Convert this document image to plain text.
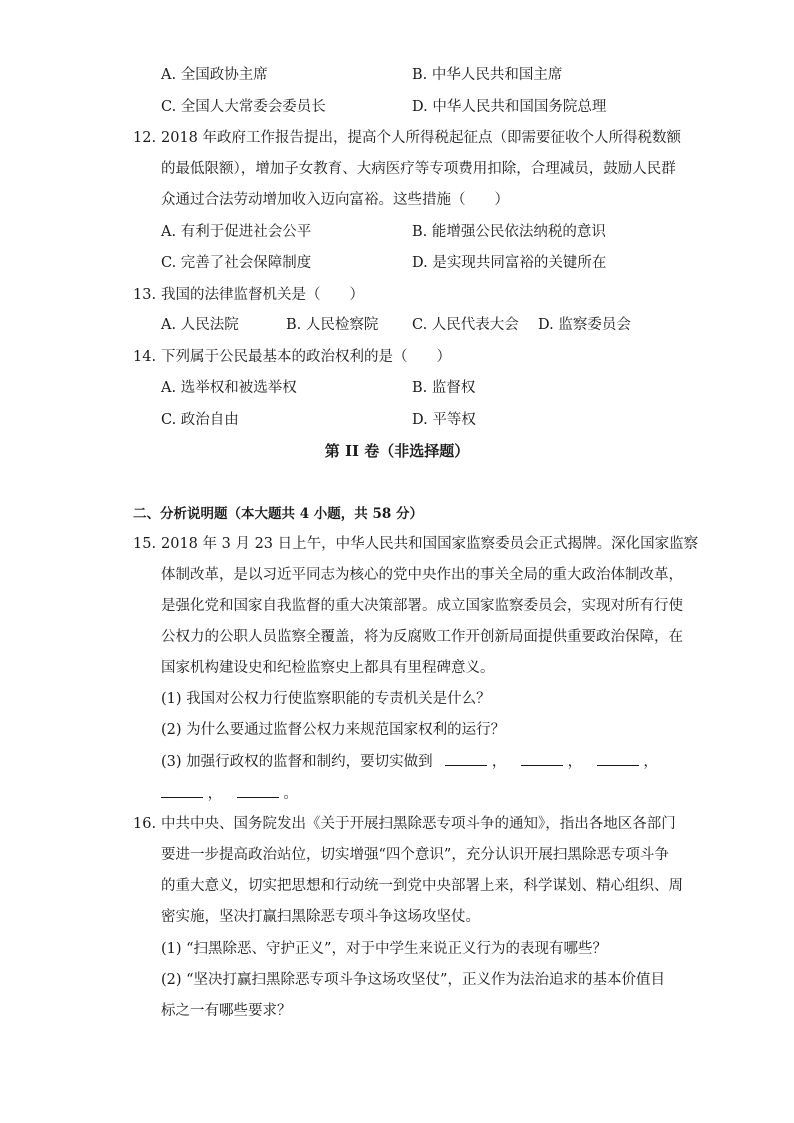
A. 全国政协主席	B. 中华人民共和国主席
C. 全国人大常委会委员长	D. 中华人民共和国国务院总理
12. 2018 年政府工作报告提出，提高个人所得税起征点（即需要征收个人所得税数额
的最低限额），增加子女教育、大病医疗等专项费用扣除，合理减员，鼓励人民群
众通过合法劳动增加收入迈向富裕。这些措施（　　）
A. 有利于促进社会公平	B. 能增强公民依法纳税的意识
C. 完善了社会保障制度	D. 是实现共同富裕的关键所在
13. 我国的法律监督机关是（　　）
A. 人民法院	B. 人民检察院 C. 人民代表大会 D. 监察委员会
14. 下列属于公民最基本的政治权利的是（　　）
A. 选举权和被选举权	B. 监督权
C. 政治自由	D. 平等权
第 II 卷（非选择题）
二、分析说明题（本大题共 4 小题，共 58 分）
15. 2018 年 3 月 23 日上午，中华人民共和国国家监察委员会正式揭牌。深化国家监察
体制改革，是以习近平同志为核心的党中央作出的事关全局的重大政治体制改革，
是强化党和国家自我监督的重大决策部署。成立国家监察委员会，实现对所有行使
公权力的公职人员监察全覆盖，将为反腐败工作开创新局面提供重要政治保障，在
国家机构建设史和纪检监察史上都具有里程碑意义。
(1) 我国对公权力行使监察职能的专责机关是什么？
(2) 为什么要通过监督公权力来规范国家权利的运行？
(3) 加强行政权的监督和制约，要切实做到	，	，	，
，	。
16. 中共中央、国务院发出《关于开展扫黑除恶专项斗争的通知》，指出各地区各部门
要进一步提高政治站位，切实增强“四个意识”，充分认识开展扫黑除恶专项斗争
的重大意义，切实把思想和行动统一到党中央部署上来，科学谋划、精心组织、周
密实施，坚决打赢扫黑除恶专项斗争这场攻坚仗。
(1) “扫黑除恶、守护正义”，对于中学生来说正义行为的表现有哪些？
(2) “坚决打赢扫黑除恶专项斗争这场攻坚仗”，正义作为法治追求的基本价值目
标之一有哪些要求？
